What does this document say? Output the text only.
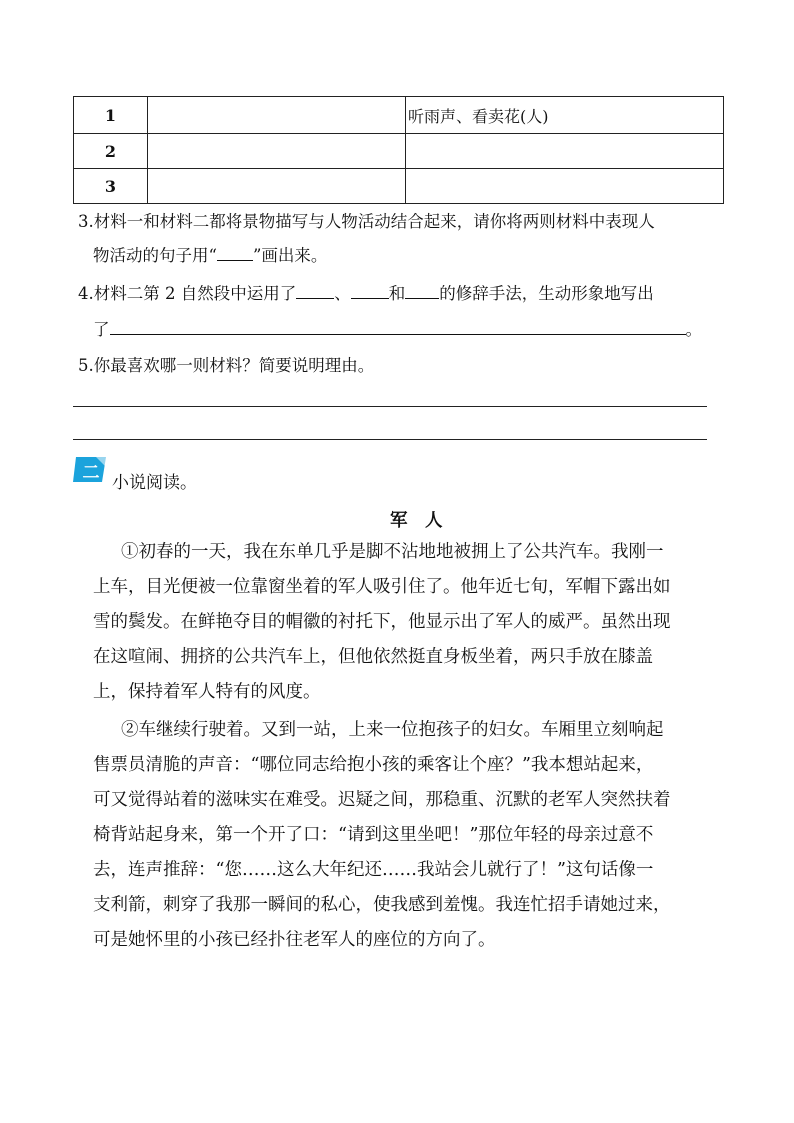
1		听雨声、看卖花(人)
2		
3		
3.材料一和材料二都将景物描写与人物活动结合起来，请你将两则材料中表现人
物活动的句子用“ ”画出来。
4.材料二第 2 自然段中运用了 、 和 的修辞手法，生动形象地写出
了	。
5.你最喜欢哪一则材料？简要说明理由。
二 小说阅读。
军　人

①初春的一天，我在东单几乎是脚不沾地地被拥上了公共汽车。我刚一

上车，目光便被一位靠窗坐着的军人吸引住了。他年近七旬，军帽下露出如

雪的鬓发。在鲜艳夺目的帽徽的衬托下，他显示出了军人的威严。虽然出现

在这喧闹、拥挤的公共汽车上，但他依然挺直身板坐着，两只手放在膝盖

上，保持着军人特有的风度。

②车继续行驶着。又到一站，上来一位抱孩子的妇女。车厢里立刻响起

售票员清脆的声音：“哪位同志给抱小孩的乘客让个座？”我本想站起来，

可又觉得站着的滋味实在难受。迟疑之间，那稳重、沉默的老军人突然扶着

椅背站起身来，第一个开了口：“请到这里坐吧！”那位年轻的母亲过意不

去，连声推辞：“您……这么大年纪还……我站会儿就行了！”这句话像一

支利箭，刺穿了我那一瞬间的私心，使我感到羞愧。我连忙招手请她过来，

可是她怀里的小孩已经扑往老军人的座位的方向了。
